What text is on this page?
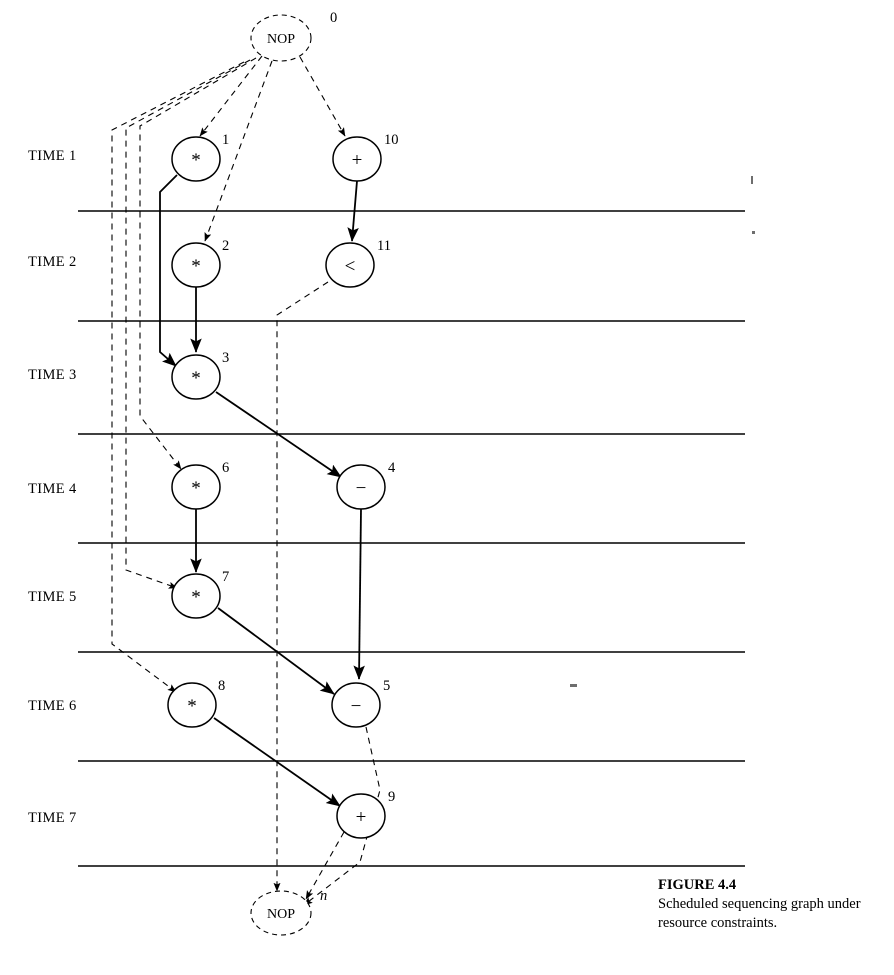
NOP
0
*
1
+
10
*
2
<
11
*
3
*
6
−
4
*
7
*
8
−
5
+
9
NOP
n
TIME 1
TIME 2
TIME 3
TIME 4
TIME 5
TIME 6
TIME 7
FIGURE 4.4
Scheduled sequencing graph under resource constraints.
